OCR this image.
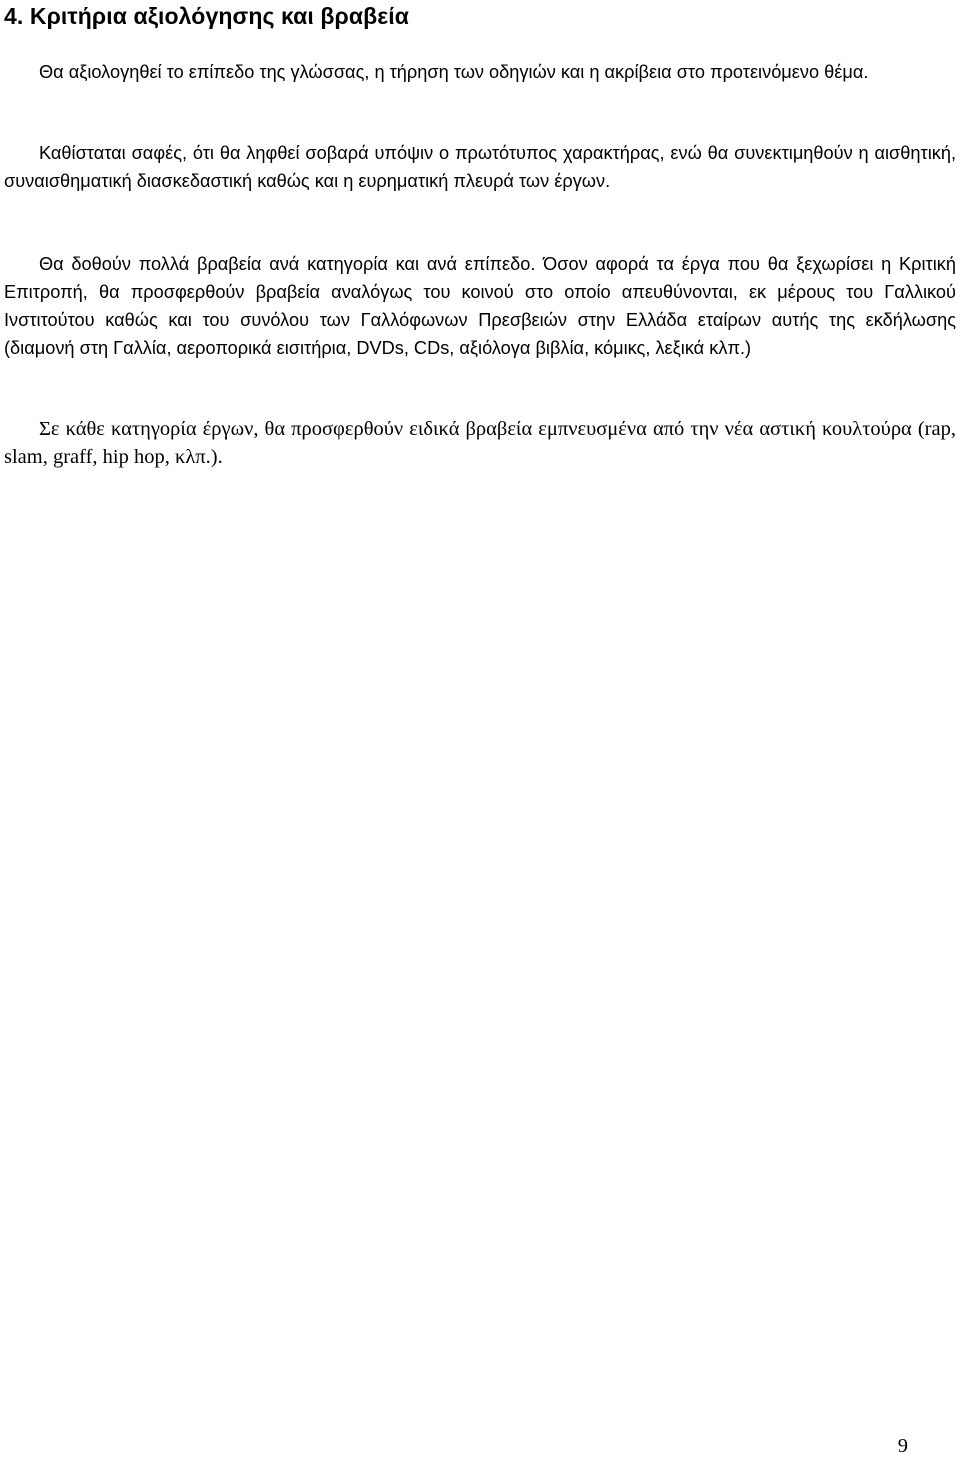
4. Κριτήρια αξιολόγησης και βραβεία

Θα αξιολογηθεί το επίπεδο της γλώσσας, η τήρηση των οδηγιών και η ακρίβεια στο προτεινόμενο θέμα.

Καθίσταται σαφές, ότι θα ληφθεί σοβαρά υπόψιν ο πρωτότυπος χαρακτήρας, ενώ θα συνεκτιμηθούν η αισθητική, συναισθηματική διασκεδαστική καθώς και η ευρηματική πλευρά των έργων.

Θα δοθούν πολλά βραβεία ανά κατηγορία και ανά επίπεδο. Όσον αφορά τα έργα που θα ξεχωρίσει η Κριτική Επιτροπή, θα προσφερθούν βραβεία αναλόγως του κοινού στο οποίο απευθύνονται, εκ μέρους του Γαλλικού Ινστιτούτου καθώς και του συνόλου των Γαλλόφωνων Πρεσβειών στην Ελλάδα εταίρων αυτής της εκδήλωσης (διαμονή στη Γαλλία, αεροπορικά εισιτήρια, DVDs, CDs, αξιόλογα βιβλία, κόμικς, λεξικά κλπ.)

Σε κάθε κατηγορία έργων, θα προσφερθούν ειδικά βραβεία εμπνευσμένα από την νέα αστική κουλτούρα (rap, slam, graff, hip hop, κλπ.).

9
